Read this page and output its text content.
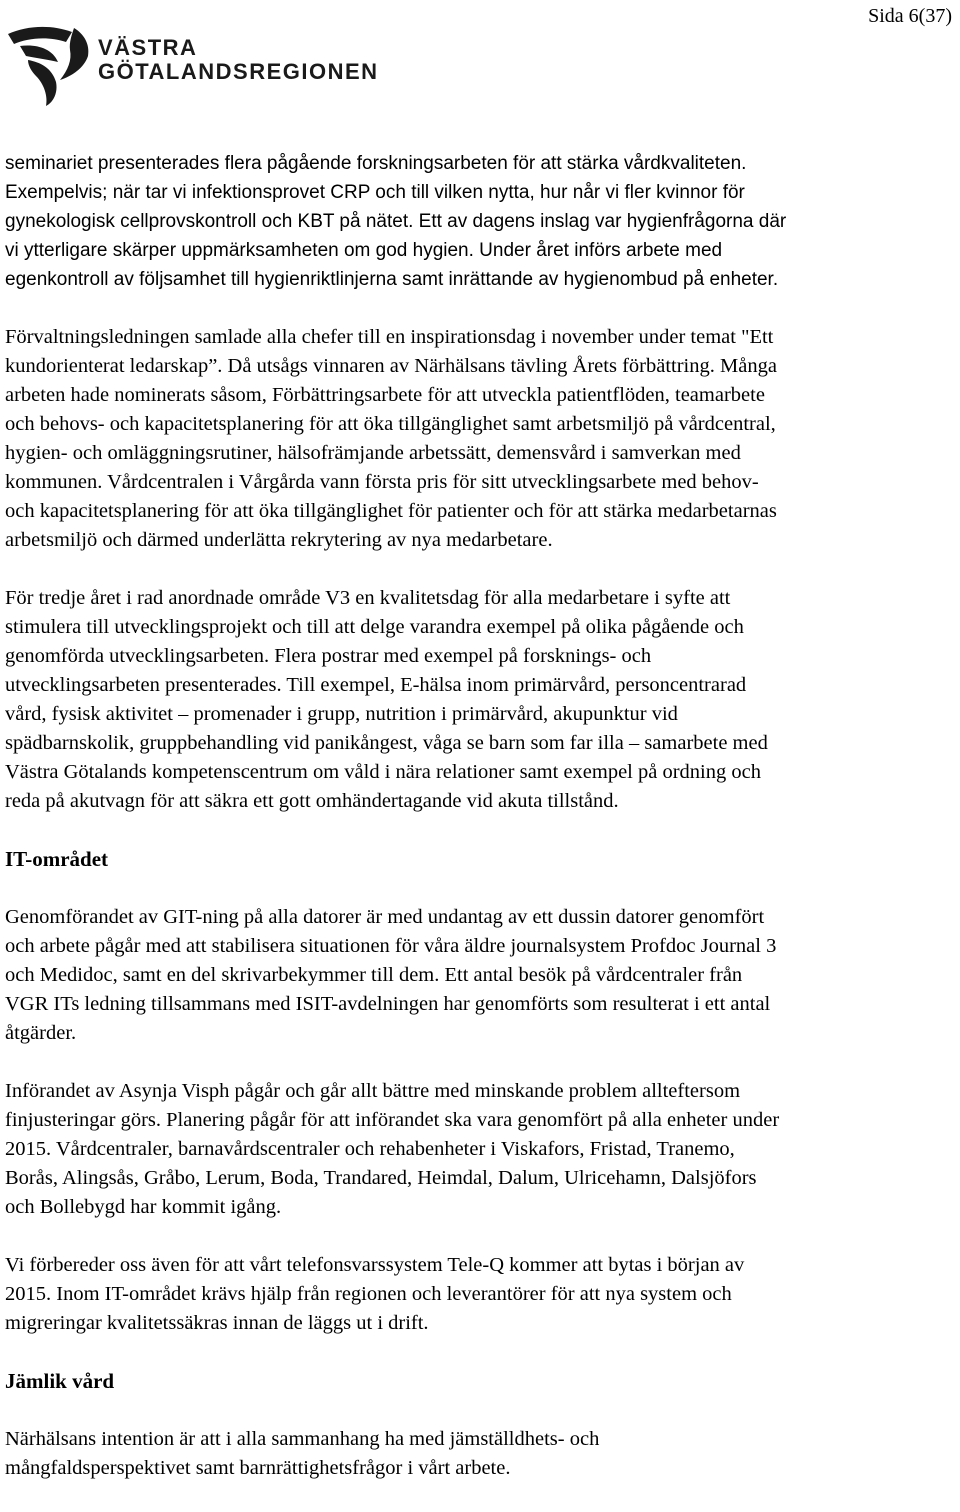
Sida 6(37)
VÄSTRA
GÖTALANDSREGIONEN

seminariet presenterades flera pågående forskningsarbeten för att stärka vårdkvaliteten.
Exempelvis; när tar vi infektionsprovet CRP och till vilken nytta, hur når vi fler kvinnor för
gynekologisk cellprovskontroll och KBT på nätet. Ett av dagens inslag var hygienfrågorna där
vi ytterligare skärper uppmärksamheten om god hygien. Under året införs arbete med
egenkontroll av följsamhet till hygienriktlinjerna samt inrättande av hygienombud på enheter.

Förvaltningsledningen samlade alla chefer till en inspirationsdag i november under temat "Ett
kundorienterat ledarskap”. Då utsågs vinnaren av Närhälsans tävling Årets förbättring. Många
arbeten hade nominerats såsom, Förbättringsarbete för att utveckla patientflöden, teamarbete
och behovs- och kapacitetsplanering för att öka tillgänglighet samt arbetsmiljö på vårdcentral,
hygien- och omläggningsrutiner, hälsofrämjande arbetssätt, demensvård i samverkan med
kommunen. Vårdcentralen i Vårgårda vann första pris för sitt utvecklingsarbete med behov-
och kapacitetsplanering för att öka tillgänglighet för patienter och för att stärka medarbetarnas
arbetsmiljö och därmed underlätta rekrytering av nya medarbetare.

För tredje året i rad anordnade område V3 en kvalitetsdag för alla medarbetare i syfte att
stimulera till utvecklingsprojekt och till att delge varandra exempel på olika pågående och
genomförda utvecklingsarbeten. Flera postrar med exempel på forsknings- och
utvecklingsarbeten presenterades. Till exempel, E-hälsa inom primärvård, personcentrarad
vård, fysisk aktivitet – promenader i grupp, nutrition i primärvård, akupunktur vid
spädbarnskolik, gruppbehandling vid panikångest, våga se barn som far illa – samarbete med
Västra Götalands kompetenscentrum om våld i nära relationer samt exempel på ordning och
reda på akutvagn för att säkra ett gott omhändertagande vid akuta tillstånd.

IT-området

Genomförandet av GIT-ning på alla datorer är med undantag av ett dussin datorer genomfört
och arbete pågår med att stabilisera situationen för våra äldre journalsystem Profdoc Journal 3
och Medidoc, samt en del skrivarbekymmer till dem. Ett antal besök på vårdcentraler från
VGR ITs ledning tillsammans med ISIT-avdelningen har genomförts som resulterat i ett antal
åtgärder.

Införandet av Asynja Visph pågår och går allt bättre med minskande problem allteftersom
finjusteringar görs. Planering pågår för att införandet ska vara genomfört på alla enheter under
2015. Vårdcentraler, barnavårdscentraler och rehabenheter i Viskafors, Fristad, Tranemo,
Borås, Alingsås, Gråbo, Lerum, Boda, Trandared, Heimdal, Dalum, Ulricehamn, Dalsjöfors
och Bollebygd har kommit igång.

Vi förbereder oss även för att vårt telefonsvarssystem Tele-Q kommer att bytas i början av
2015. Inom IT-området krävs hjälp från regionen och leverantörer för att nya system och
migreringar kvalitetssäkras innan de läggs ut i drift.

Jämlik vård

Närhälsans intention är att i alla sammanhang ha med jämställdhets- och
mångfaldsperspektivet samt barnrättighetsfrågor i vårt arbete.
